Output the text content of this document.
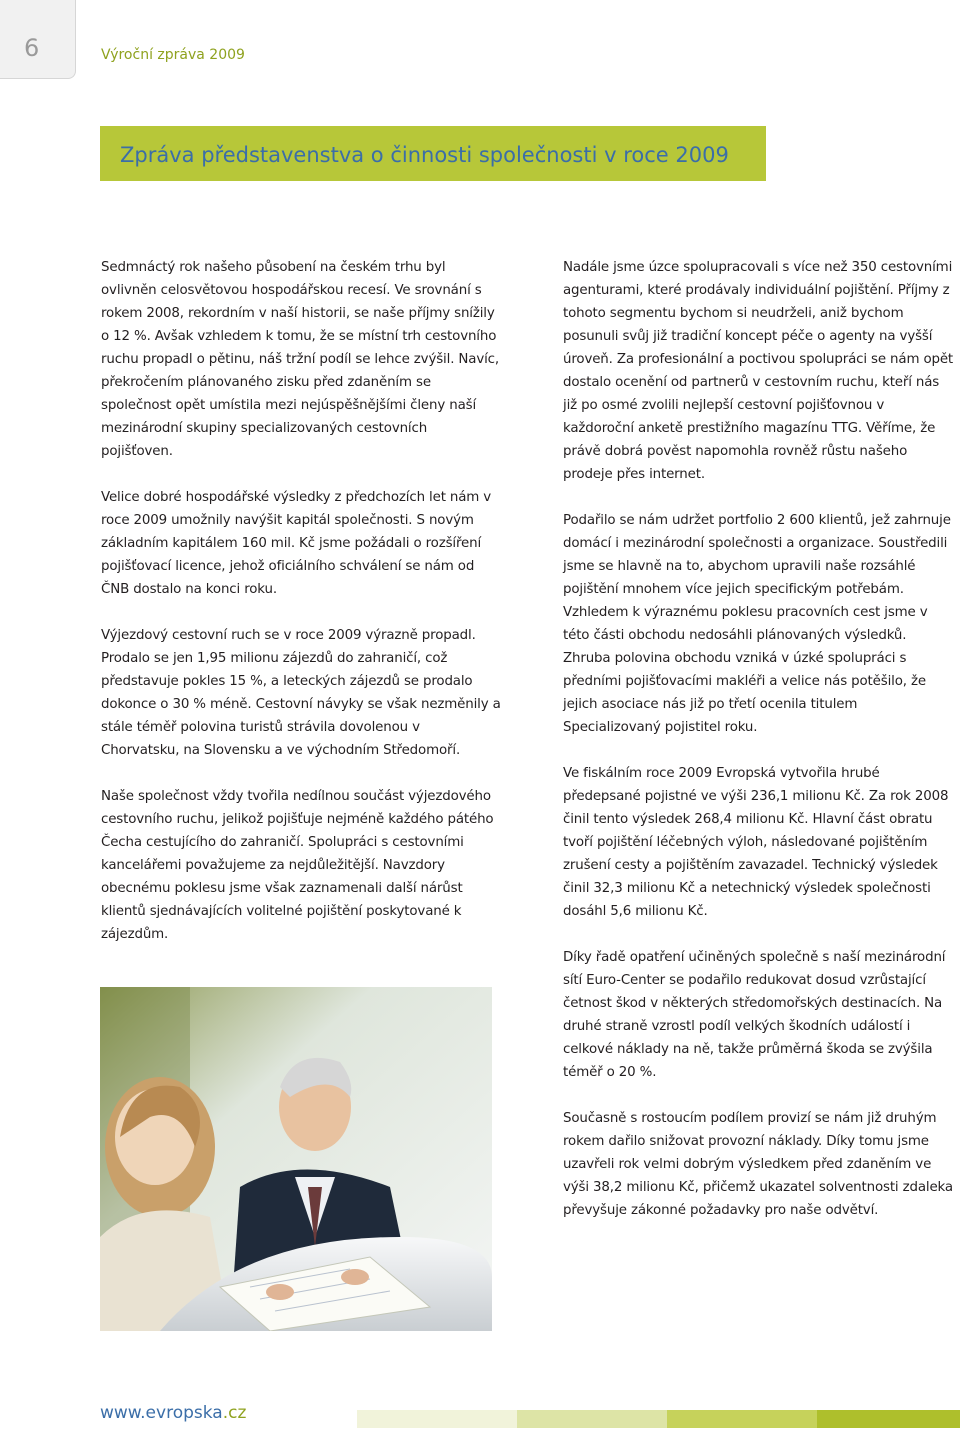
6	Výroční zpráva 2009
Zpráva představenstva o činnosti společnosti v roce 2009

Sedmnáctý rok našeho působení na českém trhu byl ovlivněn celosvětovou hospodářskou recesí. Ve srovnání s rokem 2008, rekordním v naší historii, se naše příjmy snížily o 12 %. Avšak vzhledem k tomu, že se místní trh cestovního ruchu propadl o pětinu, náš tržní podíl se lehce zvýšil. Navíc, překročením plánovaného zisku před zdaněním se společnost opět umístila mezi nejúspěšnějšími členy naší mezinárodní skupiny specializovaných cestovních pojišťoven.

Velice dobré hospodářské výsledky z předchozích let nám v roce 2009 umožnily navýšit kapitál společnosti. S novým základním kapitálem 160 mil. Kč jsme požádali o rozšíření pojišťovací licence, jehož oficiálního schválení se nám od ČNB dostalo na konci roku.

Výjezdový cestovní ruch se v roce 2009 výrazně propadl. Prodalo se jen 1,95 milionu zájezdů do zahraničí, což představuje pokles 15 %, a leteckých zájezdů se prodalo dokonce o 30 % méně. Cestovní návyky se však nezměnily a stále téměř polovina turistů strávila dovolenou v Chorvatsku, na Slovensku a ve východním Středomoří.

Naše společnost vždy tvořila nedílnou součást výjezdového cestovního ruchu, jelikož pojišťuje nejméně každého pátého Čecha cestujícího do zahraničí. Spolupráci s cestovními kancelářemi považujeme za nejdůležitější. Navzdory obecnému poklesu jsme však zaznamenali další nárůst klientů sjednávajících volitelné pojištění poskytované k zájezdům.

Nadále jsme úzce spolupracovali s více než 350 cestovními agenturami, které prodávaly individuální pojištění. Příjmy z tohoto segmentu bychom si neudrželi, aniž bychom posunuli svůj již tradiční koncept péče o agenty na vyšší úroveň. Za profesionální a poctivou spolupráci se nám opět dostalo ocenění od partnerů v cestovním ruchu, kteří nás již po osmé zvolili nejlepší cestovní pojišťovnou v každoroční anketě prestižního magazínu TTG. Věříme, že právě dobrá pověst napomohla rovněž růstu našeho prodeje přes internet.

Podařilo se nám udržet portfolio 2 600 klientů, jež zahrnuje domácí i mezinárodní společnosti a organizace. Soustředili jsme se hlavně na to, abychom upravili naše rozsáhlé pojištění mnohem více jejich specifickým potřebám. Vzhledem k výraznému poklesu pracovních cest jsme v této části obchodu nedosáhli plánovaných výsledků. Zhruba polovina obchodu vzniká v úzké spolupráci s předními pojišťovacími makléři a velice nás potěšilo, že jejich asociace nás již po třetí ocenila titulem Specializovaný pojistitel roku.

Ve fiskálním roce 2009 Evropská vytvořila hrubé předepsané pojistné ve výši 236,1 milionu Kč. Za rok 2008 činil tento výsledek 268,4 milionu Kč. Hlavní část obratu tvoří pojištění léčebných výloh, následované pojištěním zrušení cesty a pojištěním zavazadel. Technický výsledek činil 32,3 milionu Kč a netechnický výsledek společnosti dosáhl 5,6 milionu Kč.

Díky řadě opatření učiněných společně s naší mezinárodní sítí Euro-Center se podařilo redukovat dosud vzrůstající četnost škod v některých středomořských destinacích. Na druhé straně vzrostl podíl velkých škodních událostí i celkové náklady na ně, takže průměrná škoda se zvýšila téměř o 20 %.

Současně s rostoucím podílem provizí se nám již druhým rokem dařilo snižovat provozní náklady. Díky tomu jsme uzavřeli rok velmi dobrým výsledkem před zdaněním ve výši 38,2 milionu Kč, přičemž ukazatel solventnosti zdaleka převyšuje zákonné požadavky pro naše odvětví.

www.evropska.cz
